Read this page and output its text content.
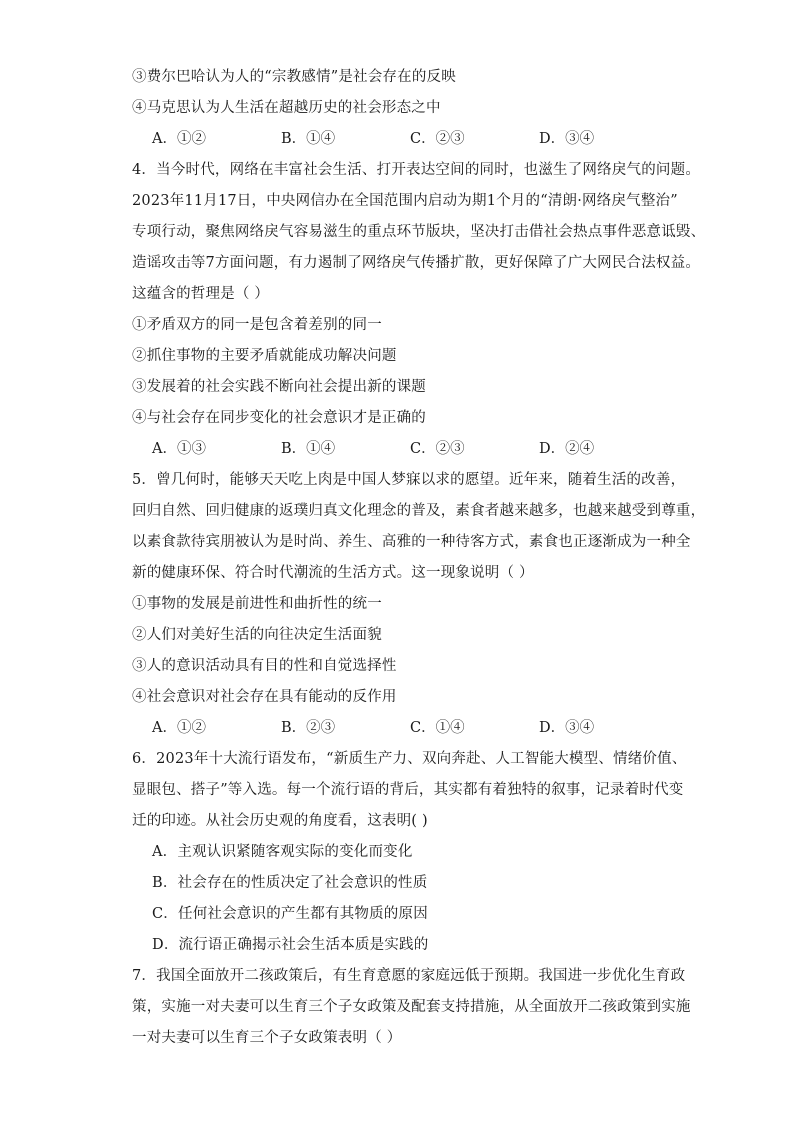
③费尔巴哈认为人的“宗教感情”是社会存在的反映
④马克思认为人生活在超越历史的社会形态之中
A．①②	B．①④	C．②③	D．③④
4．当今时代，网络在丰富社会生活、打开表达空间的同时，也滋生了网络戾气的问题。
2023年11月17日，中央网信办在全国范围内启动为期1个月的“清朗·网络戾气整治”
专项行动，聚焦网络戾气容易滋生的重点环节版块，坚决打击借社会热点事件恶意诋毁、
造谣攻击等7方面问题，有力遏制了网络戾气传播扩散，更好保障了广大网民合法权益。
这蕴含的哲理是（ ）
①矛盾双方的同一是包含着差别的同一
②抓住事物的主要矛盾就能成功解决问题
③发展着的社会实践不断向社会提出新的课题
④与社会存在同步变化的社会意识才是正确的
A．①③	B．①④	C．②③	D．②④
5．曾几何时，能够天天吃上肉是中国人梦寐以求的愿望。近年来，随着生活的改善，
回归自然、回归健康的返璞归真文化理念的普及，素食者越来越多，也越来越受到尊重，
以素食款待宾朋被认为是时尚、养生、高雅的一种待客方式，素食也正逐渐成为一种全
新的健康环保、符合时代潮流的生活方式。这一现象说明（ ）
①事物的发展是前进性和曲折性的统一
②人们对美好生活的向往决定生活面貌
③人的意识活动具有目的性和自觉选择性
④社会意识对社会存在具有能动的反作用
A．①②	B．②③	C．①④	D．③④
6．2023年十大流行语发布，“新质生产力、双向奔赴、人工智能大模型、情绪价值、
显眼包、搭子”等入选。每一个流行语的背后，其实都有着独特的叙事，记录着时代变
迁的印迹。从社会历史观的角度看，这表明( )
A．主观认识紧随客观实际的变化而变化
B．社会存在的性质决定了社会意识的性质
C．任何社会意识的产生都有其物质的原因
D．流行语正确揭示社会生活本质是实践的
7．我国全面放开二孩政策后，有生育意愿的家庭远低于预期。我国进一步优化生育政
策，实施一对夫妻可以生育三个子女政策及配套支持措施，从全面放开二孩政策到实施
一对夫妻可以生育三个子女政策表明（ ）
